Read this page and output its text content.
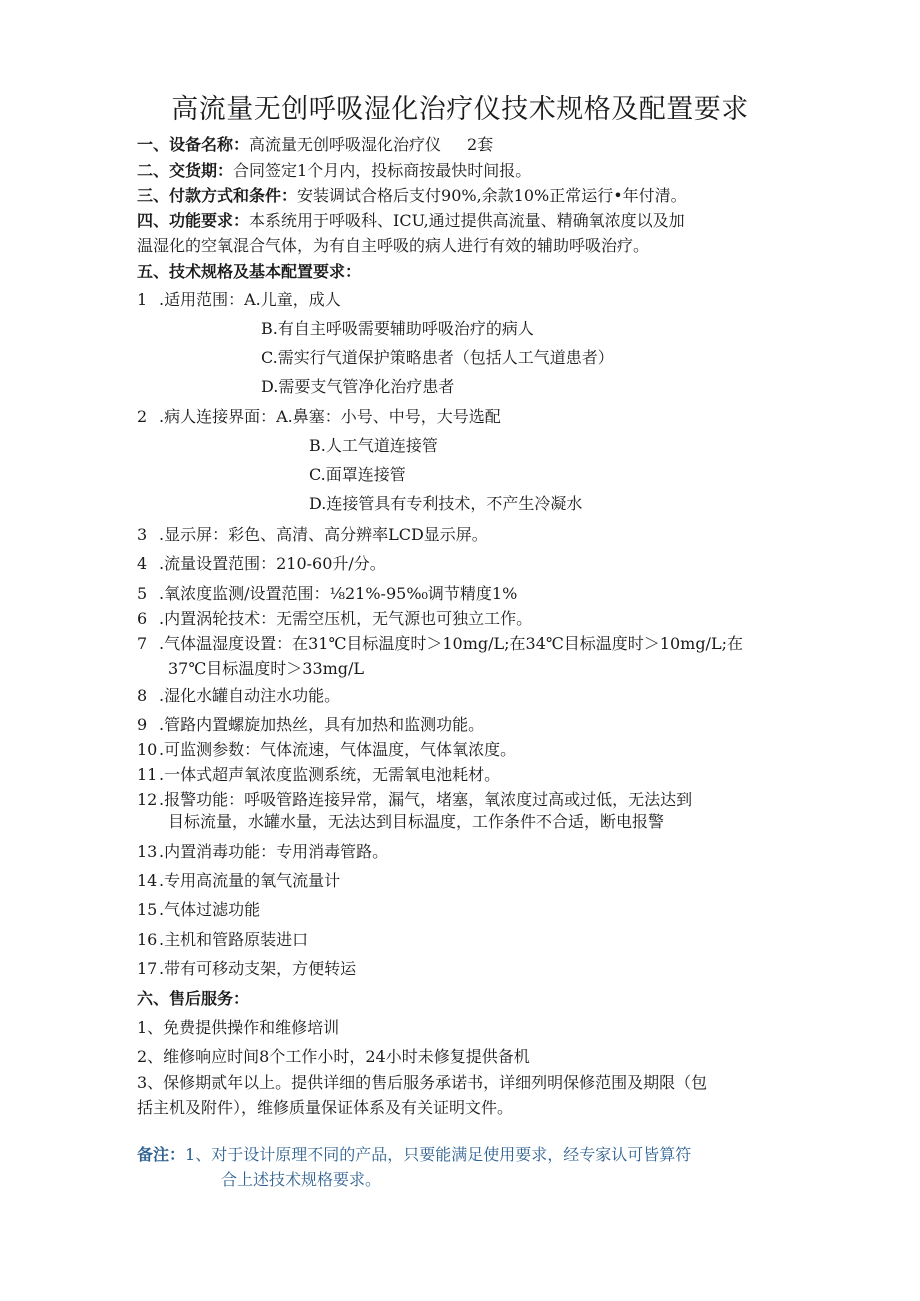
高流量无创呼吸湿化治疗仪技术规格及配置要求
一、设备名称：高流量无创呼吸湿化治疗仪 2套
二、交货期：合同签定1个月内，投标商按最快时间报。
三、付款方式和条件：安装调试合格后支付90%,余款10%正常运行•年付清。
四、功能要求：本系统用于呼吸科、ICU,通过提供高流量、精确氧浓度以及加
温湿化的空氧混合气体，为有自主呼吸的病人进行有效的辅助呼吸治疗。
五、技术规格及基本配置要求：
1 .适用范围：A.儿童，成人
B.有自主呼吸需要辅助呼吸治疗的病人
C.需实行气道保护策略患者（包括人工气道患者）
D.需要支气管净化治疗患者
2 .病人连接界面：A.鼻塞：小号、中号，大号选配
B.人工气道连接管
C.面罩连接管
D.连接管具有专利技术，不产生冷凝水
3 .显示屏：彩色、高清、高分辨率LCD显示屏。
4 .流量设置范围：210-60升/分。
5 .氧浓度监测/设置范围：⅛21%-95%₀调节精度1%
6 .内置涡轮技术：无需空压机，无气源也可独立工作。
7 .气体温湿度设置：在31℃目标温度时＞10mg∕L;在34℃目标温度时＞10mg∕L;在
37℃目标温度时＞33mg∕L
8 .湿化水罐自动注水功能。
9 .管路内置螺旋加热丝，具有加热和监测功能。
10 .可监测参数：气体流速，气体温度，气体氧浓度。
11 .一体式超声氧浓度监测系统，无需氧电池耗材。
12 .报警功能：呼吸管路连接异常，漏气，堵塞，氧浓度过高或过低，无法达到
目标流量，水罐水量，无法达到目标温度，工作条件不合适，断电报警
13 .内置消毒功能：专用消毒管路。
14 .专用高流量的氧气流量计
15 .气体过滤功能
16 .主机和管路原装进口
17 .带有可移动支架，方便转运
六、售后服务：
1、免费提供操作和维修培训
2、维修响应时间8个工作小时，24小时未修复提供备机
3、保修期贰年以上。提供详细的售后服务承诺书，详细列明保修范围及期限（包
括主机及附件），维修质量保证体系及有关证明文件。
备注：1、对于设计原理不同的产品，只要能满足使用要求，经专家认可皆算符
合上述技术规格要求。
